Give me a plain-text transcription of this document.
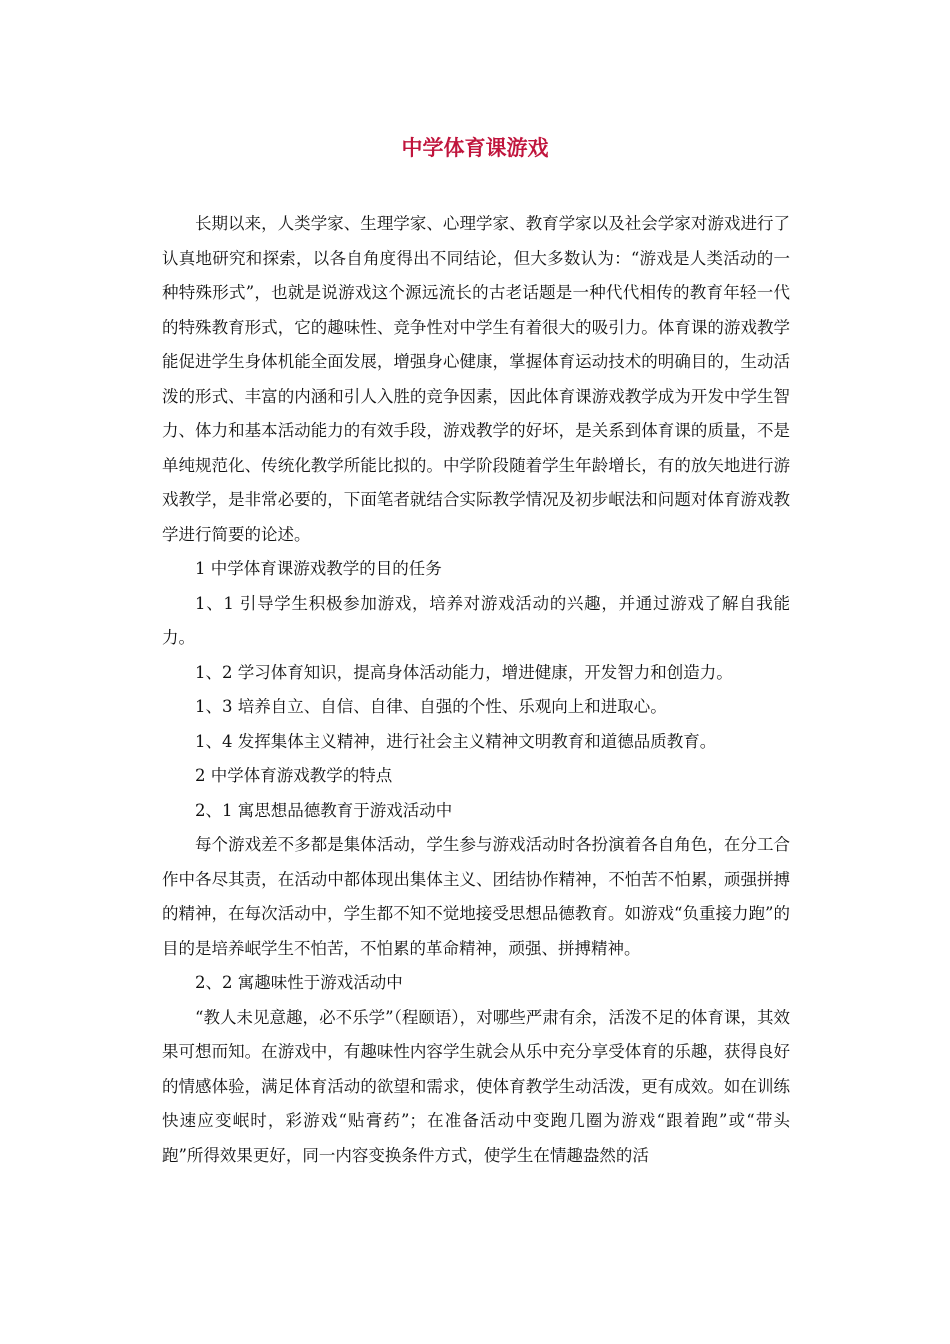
中学体育课游戏

长期以来，人类学家、生理学家、心理学家、教育学家以及社会学家对游戏进行了认真地研究和探索，以各自角度得出不同结论，但大多数认为：“游戏是人类活动的一种特殊形式”，也就是说游戏这个源远流长的古老话题是一种代代相传的教育年轻一代的特殊教育形式，它的趣味性、竞争性对中学生有着很大的吸引力。体育课的游戏教学能促进学生身体机能全面发展，增强身心健康，掌握体育运动技术的明确目的，生动活泼的形式、丰富的内涵和引人入胜的竞争因素，因此体育课游戏教学成为开发中学生智力、体力和基本活动能力的有效手段，游戏教学的好坏，是关系到体育课的质量，不是单纯规范化、传统化教学所能比拟的。中学阶段随着学生年龄增长，有的放矢地进行游戏教学，是非常必要的，下面笔者就结合实际教学情况及初步岷法和问题对体育游戏教学进行简要的论述。

1 中学体育课游戏教学的目的任务

1、1 引导学生积极参加游戏，培养对游戏活动的兴趣，并通过游戏了解自我能力。

1、2 学习体育知识，提高身体活动能力，增进健康，开发智力和创造力。

1、3 培养自立、自信、自律、自强的个性、乐观向上和进取心。

1、4 发挥集体主义精神，进行社会主义精神文明教育和道德品质教育。

2 中学体育游戏教学的特点

2、1 寓思想品德教育于游戏活动中

每个游戏差不多都是集体活动，学生参与游戏活动时各扮演着各自角色，在分工合作中各尽其责，在活动中都体现出集体主义、团结协作精神，不怕苦不怕累，顽强拼搏的精神，在每次活动中，学生都不知不觉地接受思想品德教育。如游戏“负重接力跑”的目的是培养岷学生不怕苦，不怕累的革命精神，顽强、拼搏精神。

2、2 寓趣味性于游戏活动中

“教人未见意趣，必不乐学”（程颐语），对哪些严肃有余，活泼不足的体育课，其效果可想而知。在游戏中，有趣味性内容学生就会从乐中充分享受体育的乐趣，获得良好的情感体验，满足体育活动的欲望和需求，使体育教学生动活泼，更有成效。如在训练快速应变岷时，彩游戏“贴膏药”；在准备活动中变跑几圈为游戏“跟着跑”或“带头跑”所得效果更好，同一内容变换条件方式，使学生在情趣盎然的活
